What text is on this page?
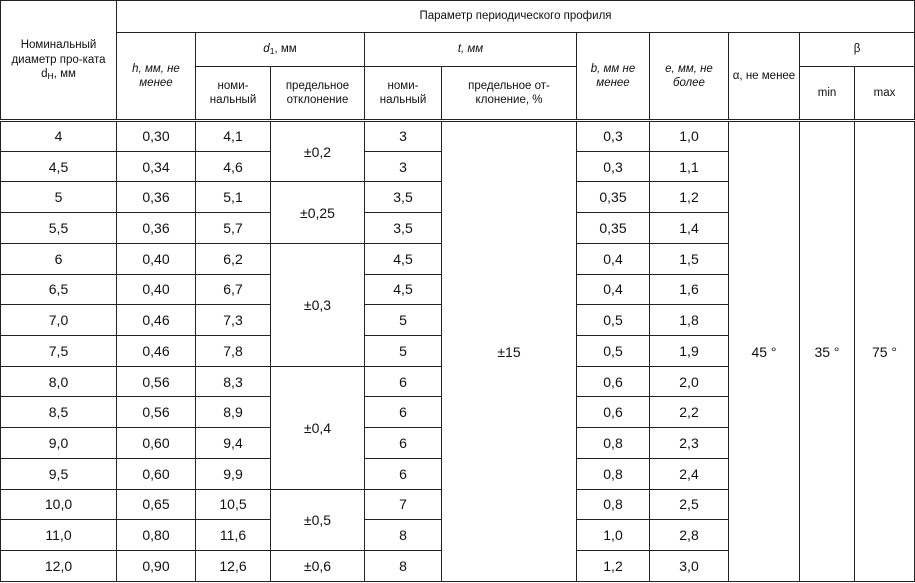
Номинальный диаметр про-ката $d_H$, мм	Параметр периодического профиля									
	h, мм, не менее	$d_1$, мм		t, мм		b, мм не менее	e, мм, не более	α, не менее	β	
		номи-нальный	предельное отклонение	номи-нальный	предельное от-клонение, %				min	max
4	0,30	4,1	±0,2	3	±15	0,3	1,0	45 °	35 °	75 °
4,5	0,34	4,6		3		0,3	1,1			
5	0,36	5,1	±0,25	3,5		0,35	1,2			
5,5	0,36	5,7		3,5		0,35	1,4			
6	0,40	6,2	±0,3	4,5		0,4	1,5			
6,5	0,40	6,7		4,5		0,4	1,6			
7,0	0,46	7,3		5		0,5	1,8			
7,5	0,46	7,8		5		0,5	1,9			
8,0	0,56	8,3	±0,4	6		0,6	2,0			
8,5	0,56	8,9		6		0,6	2,2			
9,0	0,60	9,4		6		0,8	2,3			
9,5	0,60	9,9		6		0,8	2,4			
10,0	0,65	10,5	±0,5	7		0,8	2,5			
11,0	0,80	11,6		8		1,0	2,8			
12,0	0,90	12,6	±0,6	8		1,2	3,0			
